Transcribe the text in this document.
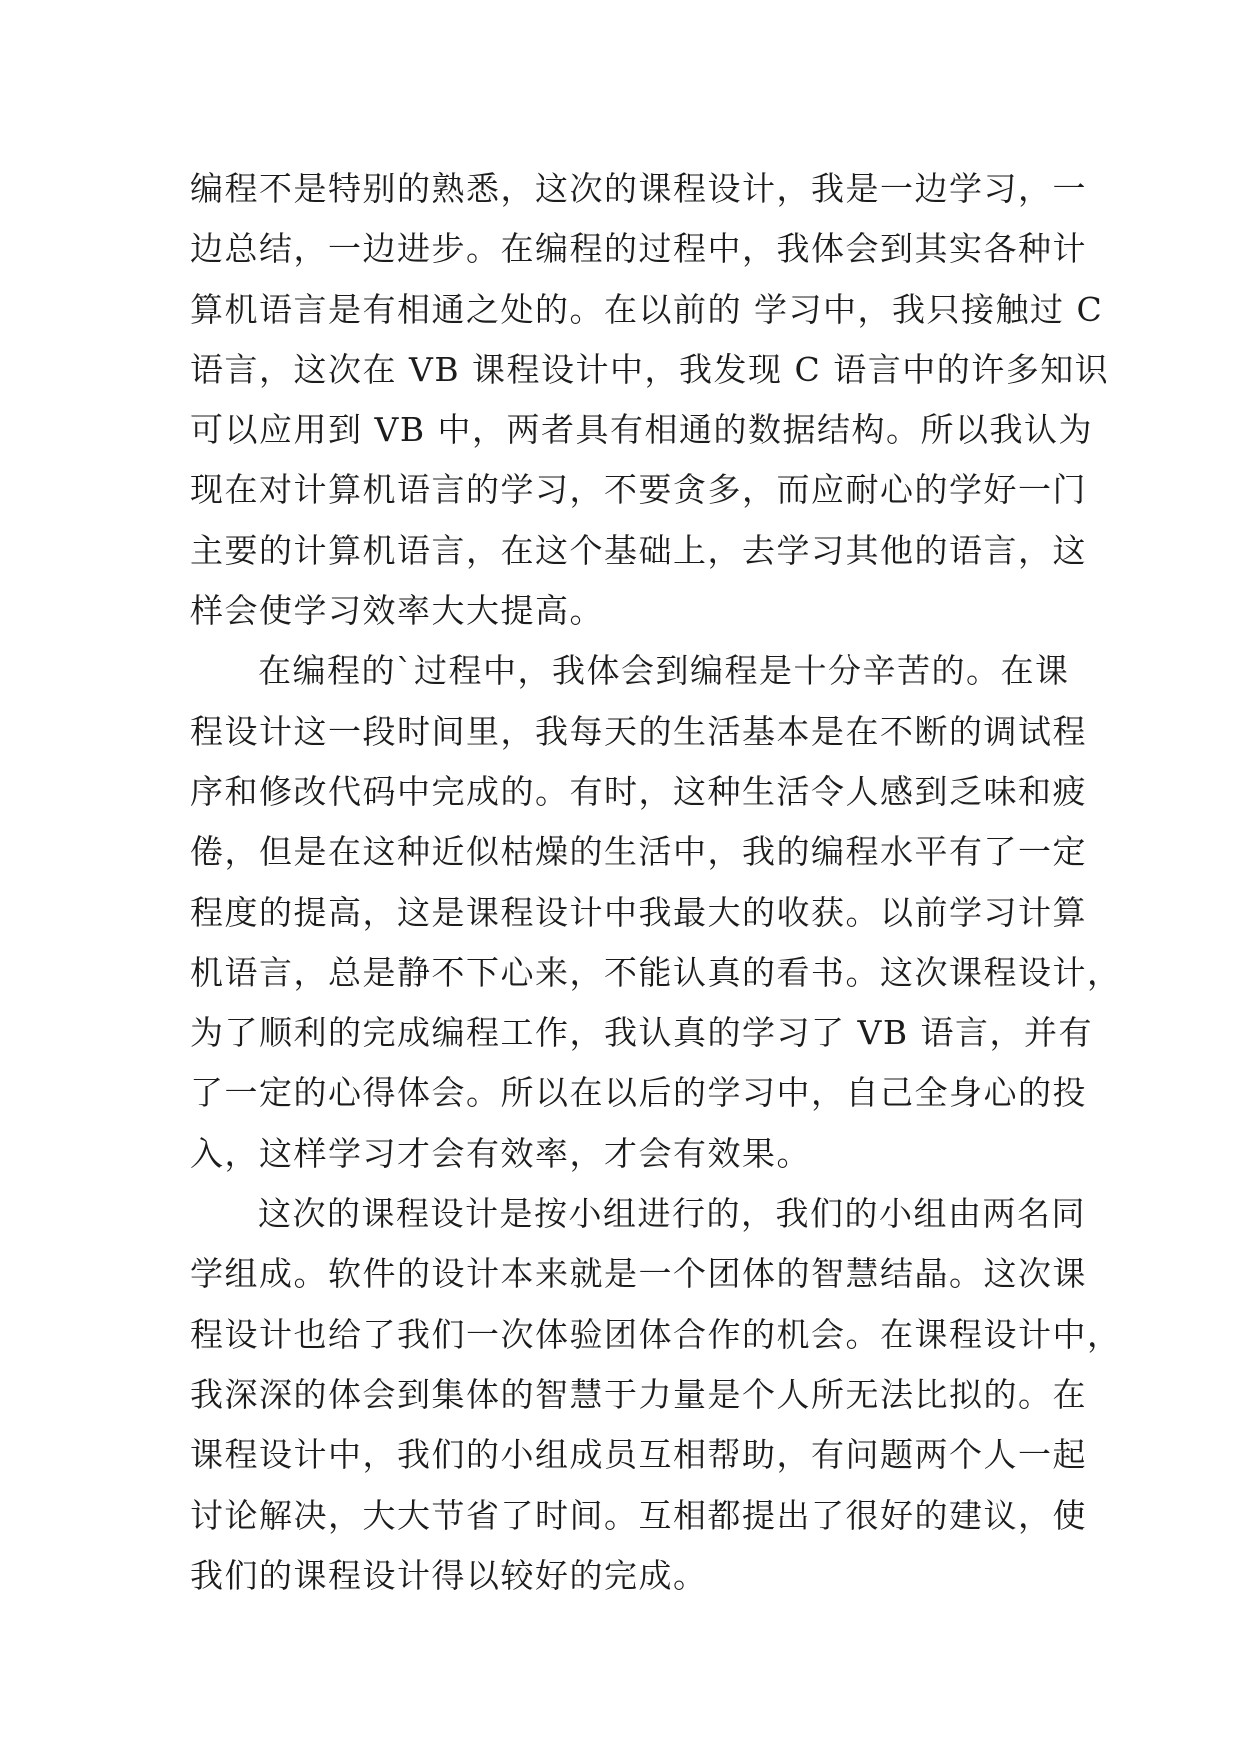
编程不是特别的熟悉，这次的课程设计，我是一边学习，一
边总结，一边进步。在编程的过程中，我体会到其实各种计
算机语言是有相通之处的。在以前的 学习中，我只接触过 C
语言，这次在 VB 课程设计中，我发现 C 语言中的许多知识
可以应用到 VB 中，两者具有相通的数据结构。所以我认为
现在对计算机语言的学习，不要贪多，而应耐心的学好一门
主要的计算机语言，在这个基础上，去学习其他的语言，这
样会使学习效率大大提高。
在编程的`过程中，我体会到编程是十分辛苦的。在课
程设计这一段时间里，我每天的生活基本是在不断的调试程
序和修改代码中完成的。有时，这种生活令人感到乏味和疲
倦，但是在这种近似枯燥的生活中，我的编程水平有了一定
程度的提高，这是课程设计中我最大的收获。以前学习计算
机语言，总是静不下心来，不能认真的看书。这次课程设计，
为了顺利的完成编程工作，我认真的学习了 VB 语言，并有
了一定的心得体会。所以在以后的学习中，自己全身心的投
入，这样学习才会有效率，才会有效果。
这次的课程设计是按小组进行的，我们的小组由两名同
学组成。软件的设计本来就是一个团体的智慧结晶。这次课
程设计也给了我们一次体验团体合作的机会。在课程设计中，
我深深的体会到集体的智慧于力量是个人所无法比拟的。在
课程设计中，我们的小组成员互相帮助，有问题两个人一起
讨论解决，大大节省了时间。互相都提出了很好的建议，使
我们的课程设计得以较好的完成。
